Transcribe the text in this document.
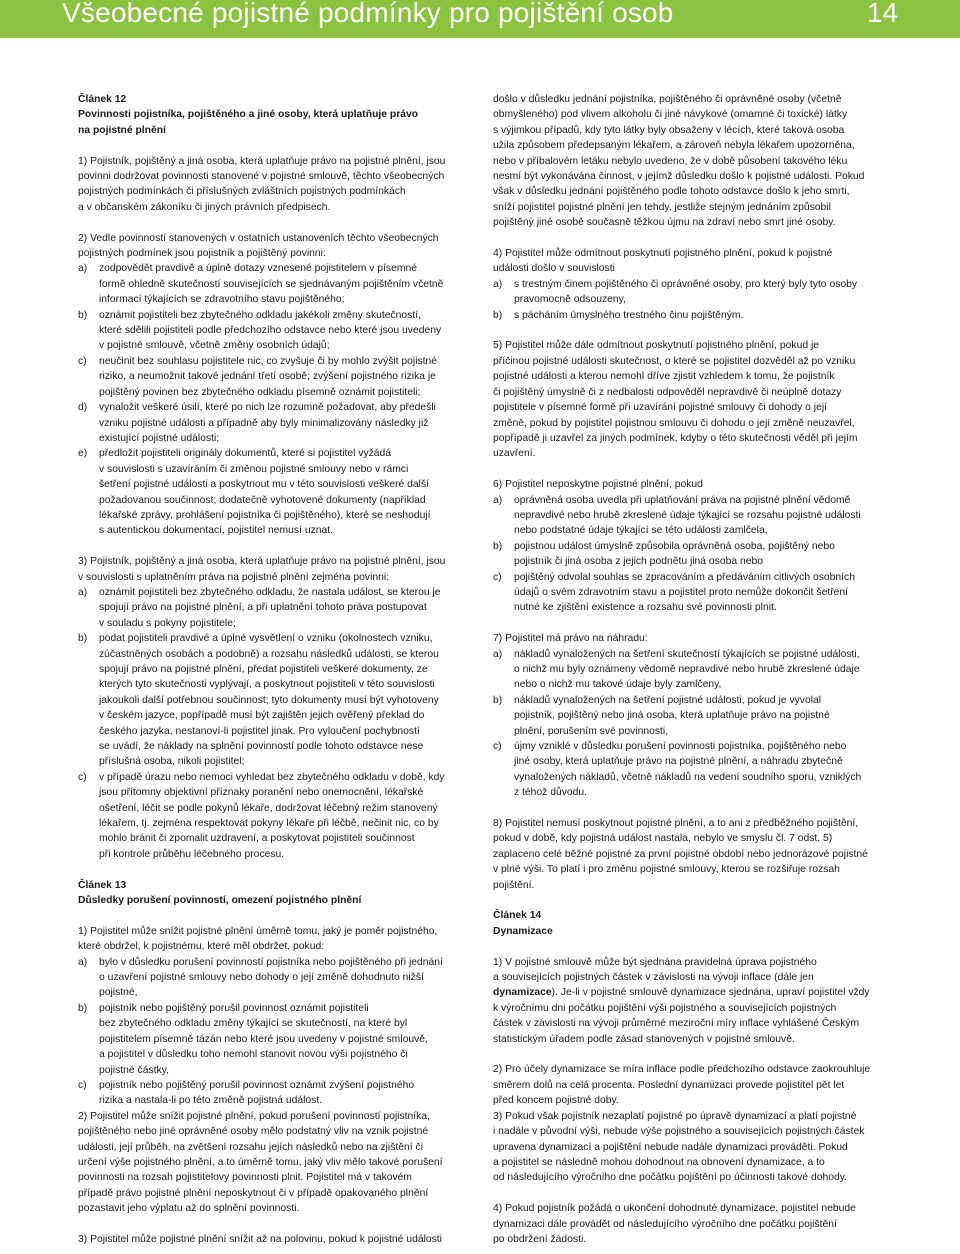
Všeobecné pojistné podmínky pro pojištění osob	14
Článek 12
Povinnosti pojistníka, pojištěného a jiné osoby, která uplatňuje právo
na pojistné plnění
1) Pojistník, pojištěný a jiná osoba, která uplatňuje právo na pojistné plnění, jsou
povinni dodržovat povinnosti stanovené v pojistné smlouvě, těchto všeobecných
pojistných podmínkách či příslušných zvláštních pojistných podmínkách
a v občanském zákoníku či jiných právních předpisech.
2) Vedle povinností stanovených v ostatních ustanoveních těchto všeobecných
pojistných podmínek jsou pojistník a pojištěný povinni:
a) zodpovědět pravdivě a úplně dotazy vznesené pojistitelem v písemné
formě ohledně skutečností souvisejících se sjednávaným pojištěním včetně
informací týkajících se zdravotního stavu pojištěného;
b) oznámit pojistiteli bez zbytečného odkladu jakékoli změny skutečností,
které sdělili pojistiteli podle předchozího odstavce nebo které jsou uvedeny
v pojistné smlouvě, včetně změny osobních údajů;
c) neučinit bez souhlasu pojistitele nic, co zvyšuje či by mohlo zvýšit pojistné
riziko, a neumožnit takové jednání třetí osobě; zvýšení pojistného rizika je
pojištěný povinen bez zbytečného odkladu písemně oznámit pojistiteli;
d) vynaložit veškeré úsilí, které po nich lze rozumně požadovat, aby předešli
vzniku pojistné události a případně aby byly minimalizovány následky již
existující pojistné události;
e) předložit pojistiteli originály dokumentů, které si pojistitel vyžádá
v souvislosti s uzavíráním či změnou pojistné smlouvy nebo v rámci
šetření pojistné události a poskytnout mu v této souvislosti veškeré další
požadovanou součinnost; dodatečně vyhotovené dokumenty (například
lékařské zprávy, prohlášení pojistníka či pojištěného), které se neshodují
s autentickou dokumentací, pojistitel nemusí uznat.
3) Pojistník, pojištěný a jiná osoba, která uplatňuje právo na pojistné plnění, jsou
v souvislosti s uplatněním práva na pojistné plnění zejména povinni:
a) oznámit pojistiteli bez zbytečného odkladu, že nastala událost, se kterou je
spojují právo na pojistné plnění, a při uplatnění tohoto práva postupovat
v souladu s pokyny pojistitele;
b) podat pojistiteli pravdivé a úplné vysvětlení o vzniku (okolnostech vzniku,
zúčastněných osobách a podobně) a rozsahu následků události, se kterou
spojují právo na pojistné plnění, předat pojistiteli veškeré dokumenty, ze
kterých tyto skutečnosti vyplývají, a poskytnout pojistiteli v této souvislosti
jakoukoli další potřebnou součinnost; tyto dokumenty musí být vyhotoveny
v českém jazyce, popřípadě musí být zajištěn jejich ověřený překlad do
českého jazyka, nestanoví-li pojistitel jinak. Pro vyloučení pochybností
se uvádí, že náklady na splnění povinností podle tohoto odstavce nese
příslušná osoba, nikoli pojistitel;
c) v případě úrazu nebo nemoci vyhledat bez zbytečného odkladu v době, kdy
jsou přítomny objektivní příznaky poranění nebo onemocnění, lékařské
ošetření, léčit se podle pokynů lékaře, dodržovat léčebný režim stanovený
lékařem, tj. zejména respektovat pokyny lékaře při léčbě, nečinit nic, co by
mohlo bránit či zpomalit uzdravení, a poskytovat pojistiteli součinnost
při kontrole průběhu léčebného procesu.
Článek 13
Důsledky porušení povinností, omezení pojistného plnění
1) Pojistitel může snížit pojistné plnění úměrně tomu, jaký je poměr pojistného,
které obdržel, k pojistnému, které měl obdržet, pokud:
a) bylo v důsledku porušení povinností pojistníka nebo pojištěného při jednání
o uzavření pojistné smlouvy nebo dohody o její změně dohodnuto nižší
pojistné,
b) pojistník nebo pojištěný porušil povinnost oznámit pojistiteli
bez zbytečného odkladu změny týkající se skutečností, na které byl
pojistitelem písemně tázán nebo které jsou uvedeny v pojistné smlouvě,
a pojistitel v důsledku toho nemohl stanovit novou výši pojistného či
pojistné částky,
c) pojistník nebo pojištěný porušil povinnost oznámit zvýšení pojistného
rizika a nastala-li po této změně pojistná událost.
2) Pojistitel může snížit pojistné plnění, pokud porušení povinností pojistníka,
pojištěného nebo jiné oprávněné osoby mělo podstatný vliv na vznik pojistné
události, její průběh, na zvětšení rozsahu jejích následků nebo na zjištění či
určení výše pojistného plnění, a to úměrně tomu, jaký vliv mělo takové porušení
povinnosti na rozsah pojistitelovy povinnosti plnit. Pojistitel má v takovém
případě právo pojistné plnění neposkytnout či v případě opakovaného plnění
pozastavit jeho výplatu až do splnění povinnosti.
3) Pojistitel může pojistné plnění snížit až na polovinu, pokud k pojistné události
došlo v důsledku jednání pojistníka, pojištěného či oprávněné osoby (včetně
obmyšleného) pod vlivem alkoholu či jiné návykové (omamné či toxické) látky
s výjimkou případů, kdy tyto látky byly obsaženy v lécích, které taková osoba
užila způsobem předepsaným lékařem, a zároveň nebyla lékařem upozorněna,
nebo v příbalovém letáku nebylo uvedeno, že v době působení takového léku
nesmí být vykonávána činnost, v jejímž důsledku došlo k pojistné události. Pokud
však v důsledku jednání pojištěného podle tohoto odstavce došlo k jeho smrti,
sníží pojistitel pojistné plnění jen tehdy, jestliže stejným jednáním způsobil
pojištěný jiné osobě současně těžkou újmu na zdraví nebo smrt jiné osoby.
4) Pojistitel může odmítnout poskytnutí pojistného plnění, pokud k pojistné
události došlo v souvislosti
a) s trestným činem pojištěného či oprávněné osoby, pro který byly tyto osoby
pravomocně odsouzeny,
b) s pácháním úmyslného trestného činu pojištěným.
5) Pojistitel může dále odmítnout poskytnutí pojistného plnění, pokud je
příčinou pojistné události skutečnost, o které se pojistitel dozvěděl až po vzniku
pojistné události a kterou nemohl dříve zjistit vzhledem k tomu, že pojistník
či pojištěný úmyslně či z nedbalosti odpověděl nepravdivě či neúplně dotazy
pojistitele v písemné formě při uzavírání pojistné smlouvy či dohody o její
změně, pokud by pojistitel pojistnou smlouvu či dohodu o její změně neuzavřel,
popřípadě ji uzavřel za jiných podmínek, kdyby o této skutečnosti věděl při jejím
uzavření.
6) Pojistitel neposkytne pojistné plnění, pokud
a) oprávněná osoba uvedla při uplatňování práva na pojistné plnění vědomě
nepravdivé nebo hrubě zkreslené údaje týkající se rozsahu pojistné události
nebo podstatné údaje týkající se této události zamlčela,
b) pojistnou událost úmyslně způsobila oprávněná osoba, pojištěný nebo
pojistník či jiná osoba z jejich podnětu jiná osoba nebo
c) pojištěný odvolal souhlas se zpracováním a předáváním citlivých osobních
údajů o svém zdravotním stavu a pojistitel proto nemůže dokončit šetření
nutné ke zjištění existence a rozsahu své povinnosti plnit.
7) Pojistitel má právo na náhradu:
a) nákladů vynaložených na šetření skutečností týkajících se pojistné události,
o nichž mu byly oznámeny vědomě nepravdivé nebo hrubě zkreslené údaje
nebo o nichž mu takové údaje byly zamlčeny,
b) nákladů vynaložených na šetření pojistné události, pokud je vyvolal
pojistník, pojištěný nebo jiná osoba, která uplatňuje právo na pojistné
plnění, porušením své povinnosti,
c) újmy vzniklé v důsledku porušení povinnosti pojistníka, pojištěného nebo
jiné osoby, která uplatňuje právo na pojistné plnění, a náhradu zbytečně
vynaložených nákladů, včetně nákladů na vedení soudního sporu, vzniklých
z téhož důvodu.
8) Pojistitel nemusí poskytnout pojistné plnění, a to ani z předběžného pojištění,
pokud v době, kdy pojistná událost nastala, nebylo ve smyslu čl. 7 odst. 5)
zaplaceno celé běžné pojistné za první pojistné období nebo jednorázové pojistné
v plné výši. To platí i pro změnu pojistné smlouvy, kterou se rozšiřuje rozsah
pojištění.
Článek 14
Dynamizace
1) V pojistné smlouvě může být sjednána pravidelná úprava pojistného
a souvisejících pojistných částek v závislosti na vývoji inflace (dále jen
dynamizace). Je-li v pojistné smlouvě dynamizace sjednána, upraví pojistitel vždy
k výročnímu dni počátku pojištění výši pojistného a souvisejících pojistných
částek v závislosti na vývoji průměrné meziroční míry inflace vyhlášené Českým
statistickým úřadem podle zásad stanovených v pojistné smlouvě.
2) Pro účely dynamizace se míra inflace podle předchozího odstavce zaokrouhluje
směrem dolů na celá procenta. Poslední dynamizaci provede pojistitel pět let
před koncem pojistné doby.
3) Pokud však pojistník nezaplatí pojistné po úpravě dynamizací a platí pojistné
i nadále v původní výši, nebude výše pojistného a souvisejících pojistných částek
upravena dynamizací a pojištění nebude nadále dynamizaci prováděti. Pokud
a pojistitel se následně mohou dohodnout na obnovení dynamizace, a to
od následujícího výročního dne počátku pojištění po účinnosti takové dohody.
4) Pokud pojistník požádá o ukončení dohodnuté dynamizace, pojistitel nebude
dynamizaci dále provádět od následujícího výročního dne počátku pojištění
po obdržení žádosti.
